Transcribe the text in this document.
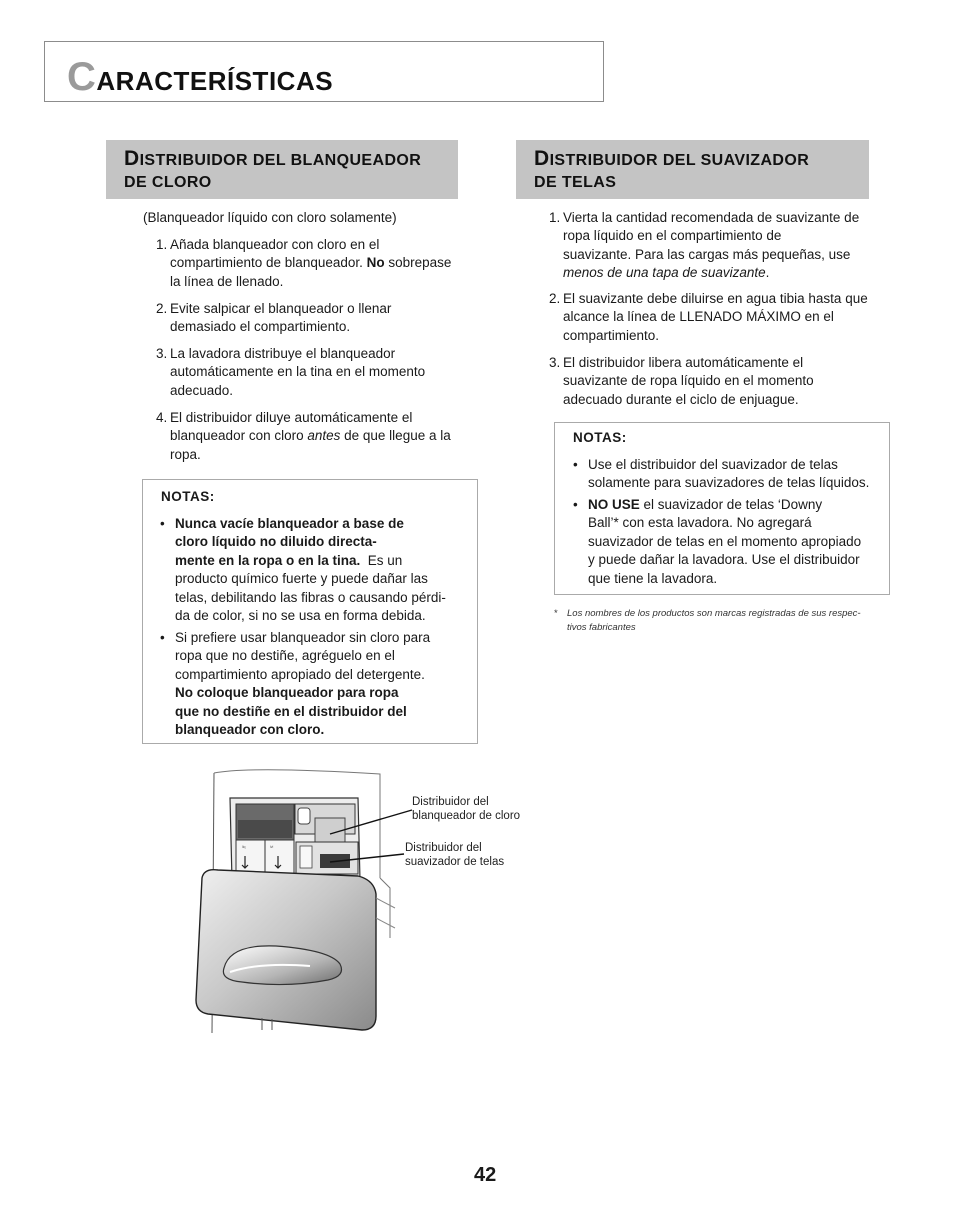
CARACTERÍSTICAS
DISTRIBUIDOR DEL BLANQUEADOR
DE CLORO
DISTRIBUIDOR DEL SUAVIZADOR
DE TELAS
(Blanqueador líquido con cloro solamente)
1. Añada blanqueador con cloro en el
compartimiento de blanqueador. No sobrepase
la línea de llenado.
2. Evite salpicar el blanqueador o llenar
demasiado el compartimiento.
3. La lavadora distribuye el blanqueador
automáticamente en la tina en el momento
adecuado.
4. El distribuidor diluye automáticamente el
blanqueador con cloro antes de que llegue a la
ropa.
NOTAS:
• Nunca vacíe blanqueador a base de
cloro líquido no diluido directa-
mente en la ropa o en la tina.  Es un
producto químico fuerte y puede dañar las
telas, debilitando las fibras o causando pérdi-
da de color, si no se usa en forma debida.
• Si prefiere usar blanqueador sin cloro para
ropa que no destiñe, agréguelo en el
compartimiento apropiado del detergente.
No coloque blanqueador para ropa
que no destiñe en el distribuidor del
blanqueador con cloro.
1. Vierta la cantidad recomendada de suavizante de
ropa líquido en el compartimiento de
suavizante. Para las cargas más pequeñas, use
menos de una tapa de suavizante.
2. El suavizante debe diluirse en agua tibia hasta que
alcance la línea de LLENADO MÁXIMO en el
compartimiento.
3. El distribuidor libera automáticamente el
suavizante de ropa líquido en el momento
adecuado durante el ciclo de enjuague.
NOTAS:
• Use el distribuidor del suavizador de telas
solamente para suavizadores de telas líquidos.
• NO USE el suavizador de telas ‘Downy
Ball’* con esta lavadora. No agregará
suavizador de telas en el momento apropiado
y puede dañar la lavadora. Use el distribuidor
que tiene la lavadora.
* Los nombres de los productos son marcas registradas de sus respec-
tivos fabricantes
liq	lvl
Distribuidor del
blanqueador de cloro
Distribuidor del
suavizador de telas
42
